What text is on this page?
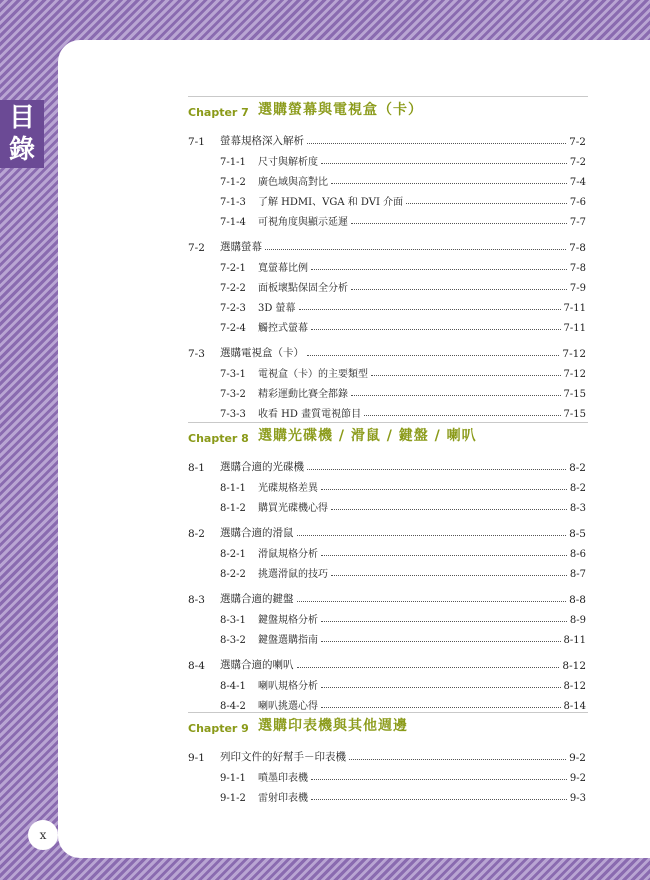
Chapter 7 選購螢幕與電視盒（卡）
7-1	螢幕規格深入解析	7-2
7-1-1	尺寸與解析度	7-2
7-1-2	廣色域與高對比	7-4
7-1-3	了解 HDMI、VGA 和 DVI 介面	7-6
7-1-4	可視角度與顯示延遲	7-7
7-2	選購螢幕	7-8
7-2-1	寬螢幕比例	7-8
7-2-2	面板壞點保固全分析	7-9
7-2-3	3D 螢幕	7-11
7-2-4	觸控式螢幕	7-11
7-3	選購電視盒（卡）	7-12
7-3-1	電視盒（卡）的主要類型	7-12
7-3-2	精彩運動比賽全都錄	7-15
7-3-3	收看 HD 畫質電視節目	7-15
Chapter 8 選購光碟機 / 滑鼠 / 鍵盤 / 喇叭
8-1	選購合適的光碟機	8-2
8-1-1	光碟規格差異	8-2
8-1-2	購買光碟機心得	8-3
8-2	選購合適的滑鼠	8-5
8-2-1	滑鼠規格分析	8-6
8-2-2	挑選滑鼠的技巧	8-7
8-3	選購合適的鍵盤	8-8
8-3-1	鍵盤規格分析	8-9
8-3-2	鍵盤選購指南	8-11
8-4	選購合適的喇叭	8-12
8-4-1	喇叭規格分析	8-12
8-4-2	喇叭挑選心得	8-14
Chapter 9 選購印表機與其他週邊
9-1	列印文件的好幫手－印表機	9-2
9-1-1	噴墨印表機	9-2
9-1-2	雷射印表機	9-3
目
錄
x
